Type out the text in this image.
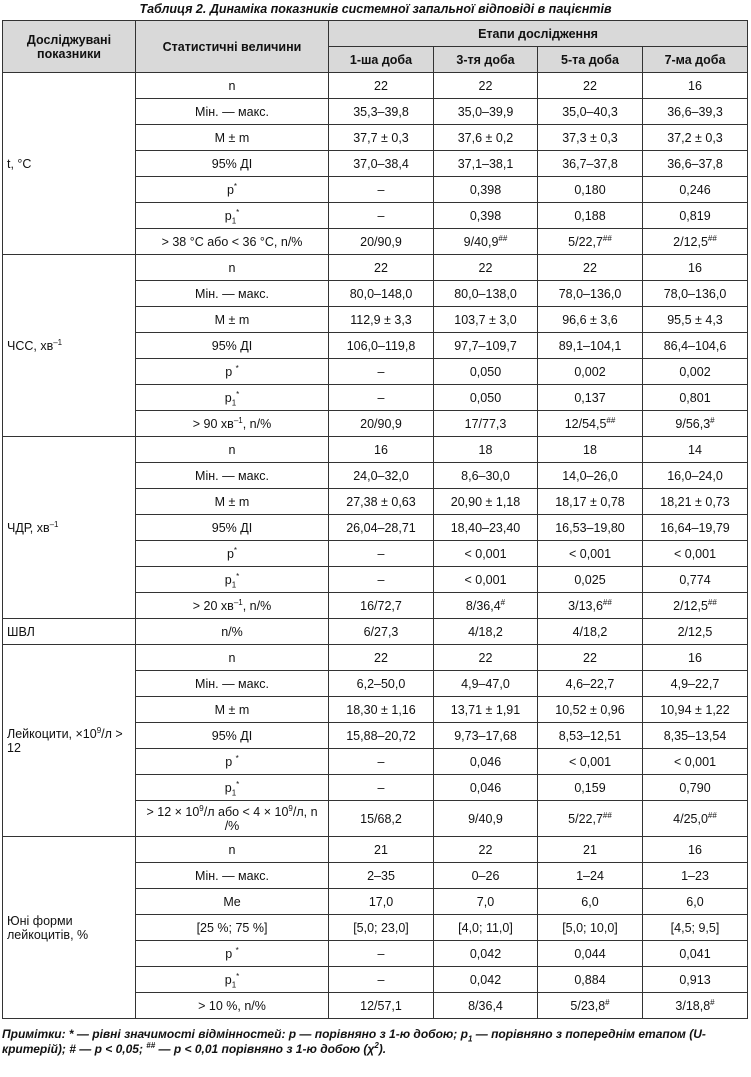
Таблиця 2. Динаміка показників системної запальної відповіді в пацієнтів
Досліджувані показники	Статистичні величини	Етапи дослідження			
		1-ша доба	3-тя доба	5-та доба	7-ма доба
t, °C	n	22	22	22	16
	Мін. — макс.	35,3–39,8	35,0–39,9	35,0–40,3	36,6–39,3
	M ± m	37,7 ± 0,3	37,6 ± 0,2	37,3 ± 0,3	37,2 ± 0,3
	95% ДІ	37,0–38,4	37,1–38,1	36,7–37,8	36,6–37,8
	p*	–	0,398	0,180	0,246
	$p_1^*$	–	0,398	0,188	0,819
	> 38 °C або < 36 °C, n/%	20/90,9	9/40,9##	5/22,7##	2/12,5##
ЧСС, $хв^{-1}$	n	22	22	22	16
	Мін. — макс.	80,0–148,0	80,0–138,0	78,0–136,0	78,0–136,0
	M ± m	112,9 ± 3,3	103,7 ± 3,0	96,6 ± 3,6	95,5 ± 4,3
	95% ДІ	106,0–119,8	97,7–109,7	89,1–104,1	86,4–104,6
	p *	–	0,050	0,002	0,002
	$p_1^*$	–	0,050	0,137	0,801
	> 90 $хв^{-1}$, n/%	20/90,9	17/77,3	12/54,5##	9/56,3#
ЧДР, $хв^{-1}$	n	16	18	18	14
	Мін. — макс.	24,0–32,0	8,6–30,0	14,0–26,0	16,0–24,0
	M ± m	27,38 ± 0,63	20,90 ± 1,18	18,17 ± 0,78	18,21 ± 0,73
	95% ДІ	26,04–28,71	18,40–23,40	16,53–19,80	16,64–19,79
	p*	–	< 0,001	< 0,001	< 0,001
	$p_1^*$	–	< 0,001	0,025	0,774
	> 20 $хв^{-1}$, n/%	16/72,7	8/36,4#	3/13,6##	2/12,5##
ШВЛ	n/%	6/27,3	4/18,2	4/18,2	2/12,5
Лейкоцити, $\times 10^9/л > 12$	n	22	22	22	16
	Мін. — макс.	6,2–50,0	4,9–47,0	4,6–22,7	4,9–22,7
	M ± m	18,30 ± 1,16	13,71 ± 1,91	10,52 ± 0,96	10,94 ± 1,22
	95% ДІ	15,88–20,72	9,73–17,68	8,53–12,51	8,35–13,54
	p *	–	0,046	< 0,001	< 0,001
	$p_1^*$	–	0,046	0,159	0,790
	> $12 \times 10^9/л$ або < $4 \times 10^9/л$, n /%	15/68,2	9/40,9	5/22,7##	4/25,0##
Юні форми лейкоцитів, %	n	21	22	21	16
	Мін. — макс.	2–35	0–26	1–24	1–23
	Me	17,0	7,0	6,0	6,0
	[25 %; 75 %]	[5,0; 23,0]	[4,0; 11,0]	[5,0; 10,0]	[4,5; 9,5]
	p *	–	0,042	0,044	0,041
	$p_1^*$	–	0,042	0,884	0,913
	> 10 %, n/%	12/57,1	8/36,4	5/23,8#	3/18,8#
Примітки: * — рівні значимості відмінностей: p — порівняно з 1-ю добою; $p_1$ — порівняно з попереднім етапом (U-критерій); # — p < 0,05; ## — p < 0,01 порівняно з 1-ю добою $(\chi^2)$.
